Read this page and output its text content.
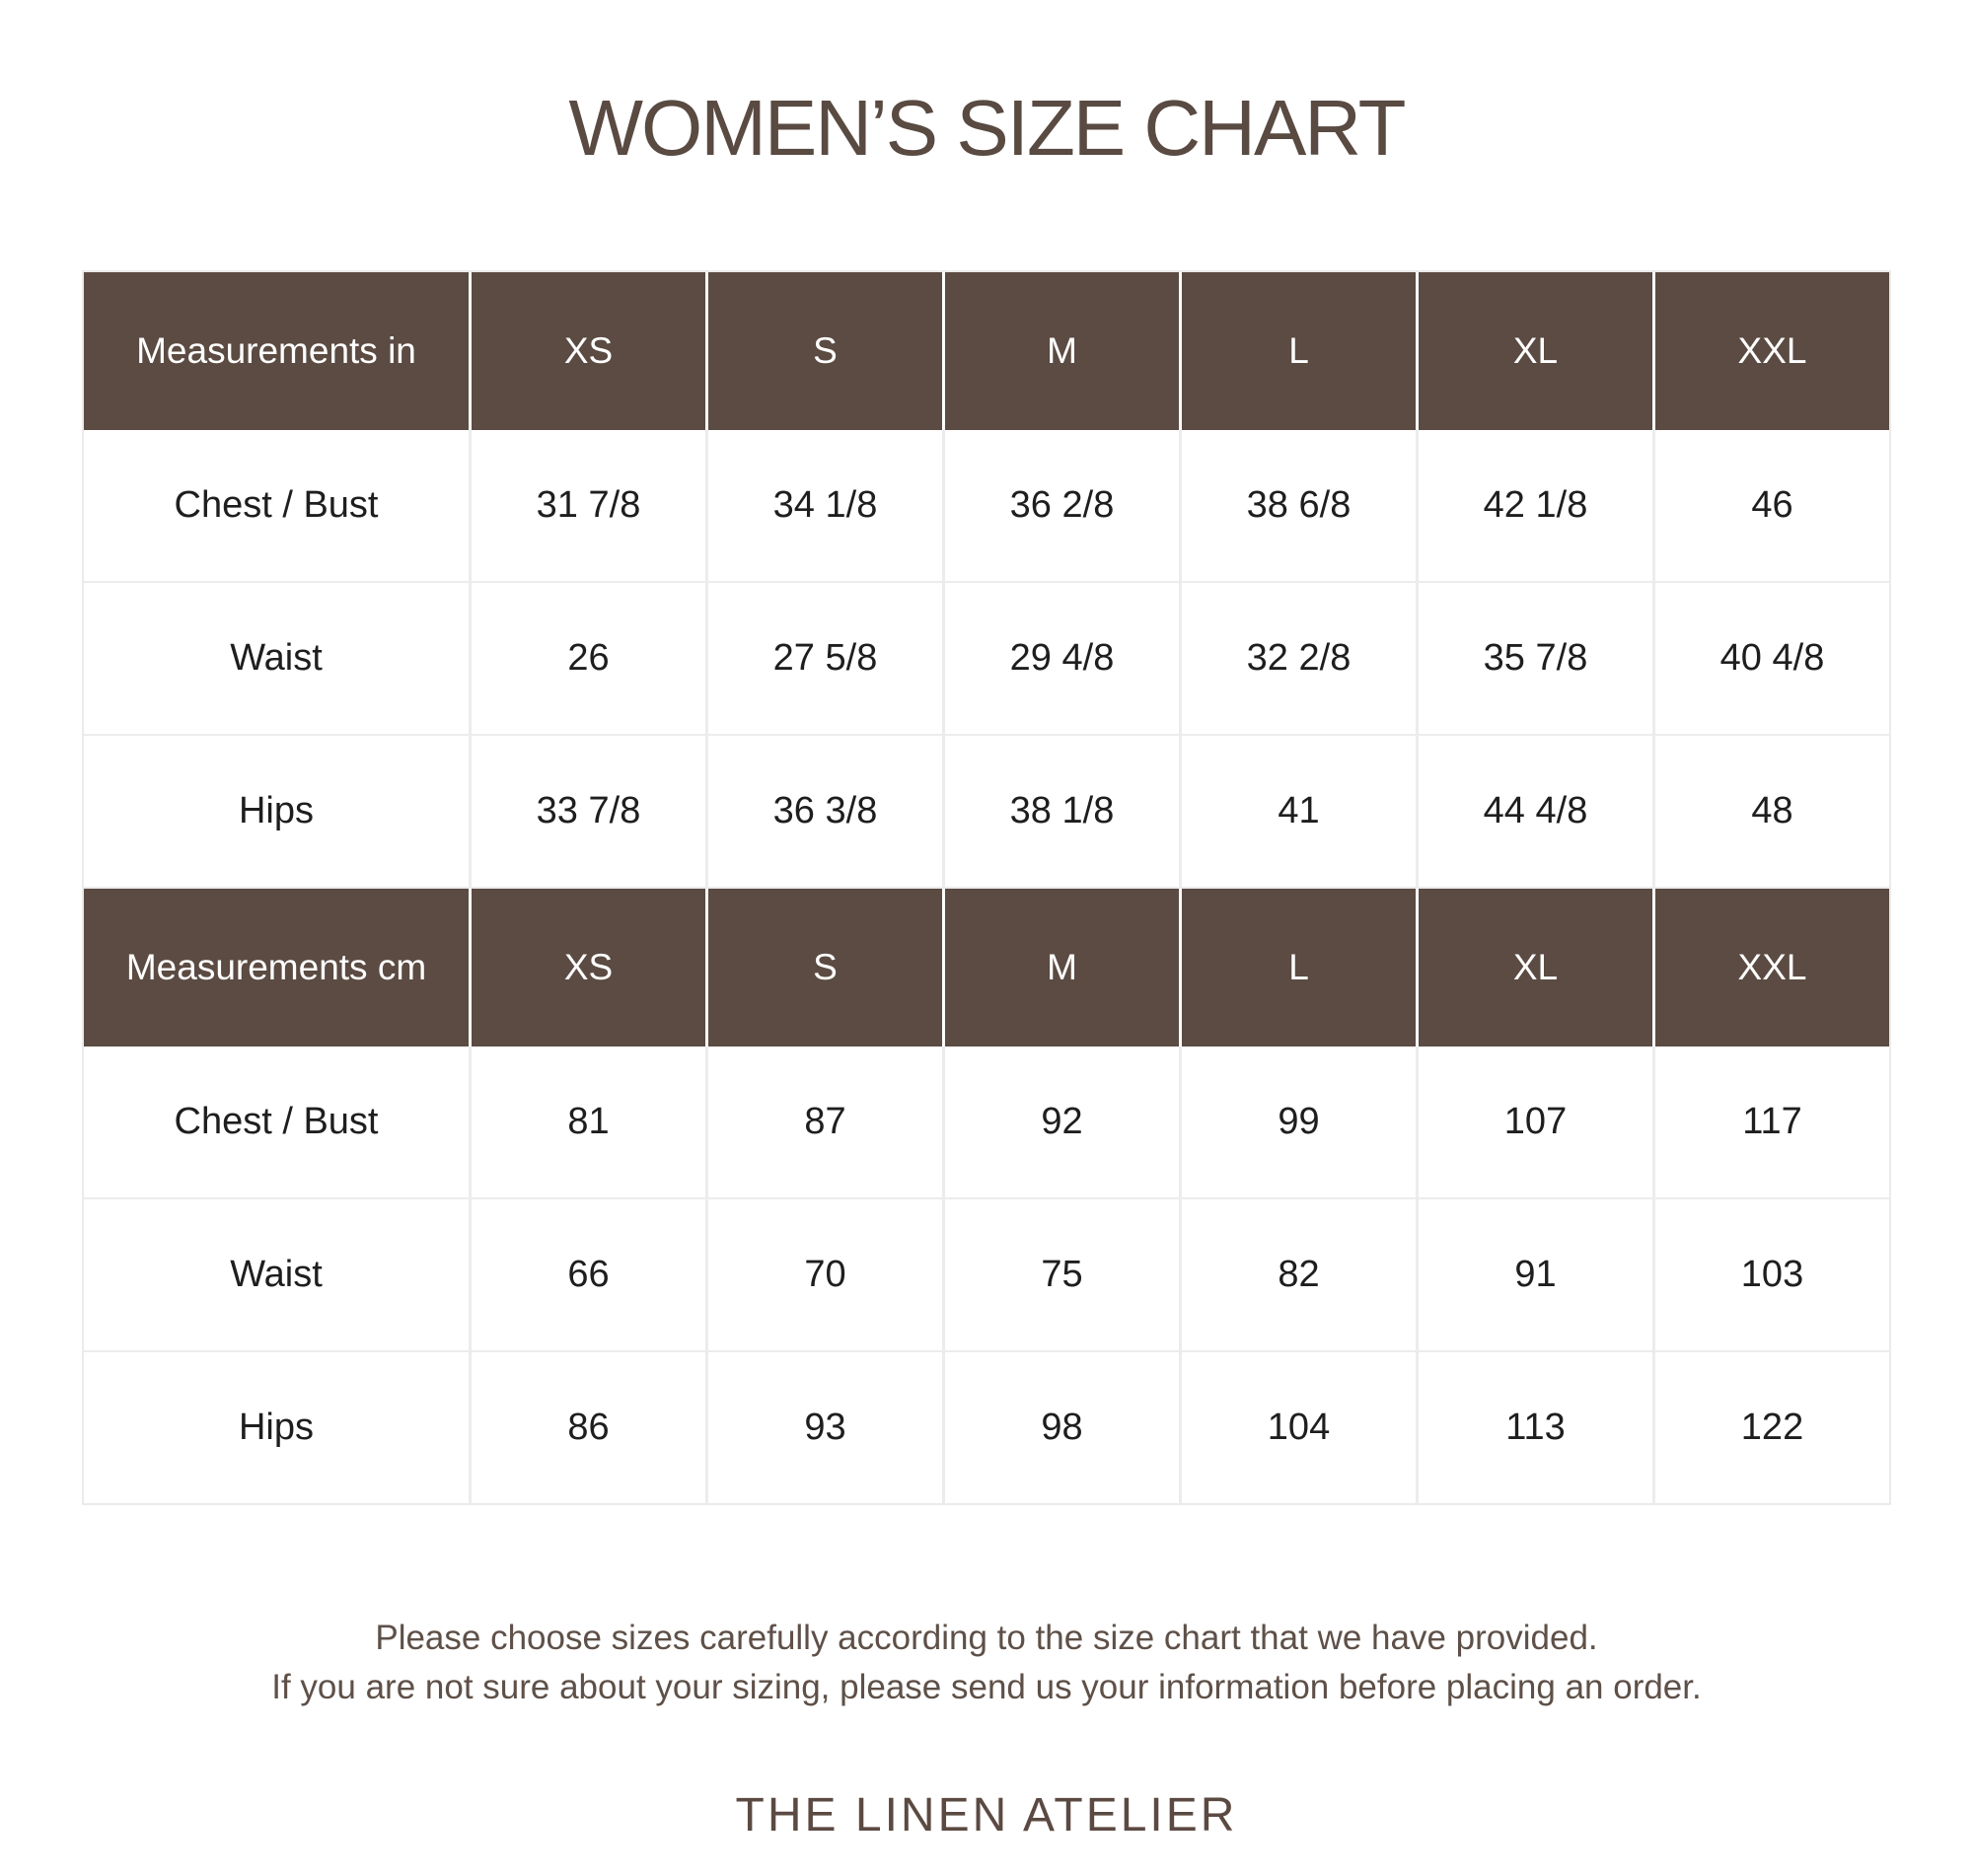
WOMEN’S SIZE CHART
Measurements in	XS	S	M	L	XL	XXL
Chest / Bust	31 7/8	34 1/8	36 2/8	38 6/8	42 1/8	46
Waist	26	27 5/8	29 4/8	32 2/8	35 7/8	40 4/8
Hips	33 7/8	36 3/8	38 1/8	41	44 4/8	48
Measurements cm	XS	S	M	L	XL	XXL
Chest / Bust	81	87	92	99	107	117
Waist	66	70	75	82	91	103
Hips	86	93	98	104	113	122

Please choose sizes carefully according to the size chart that we have provided.

If you are not sure about your sizing, please send us your information before placing an order.

THE LINEN ATELIER
